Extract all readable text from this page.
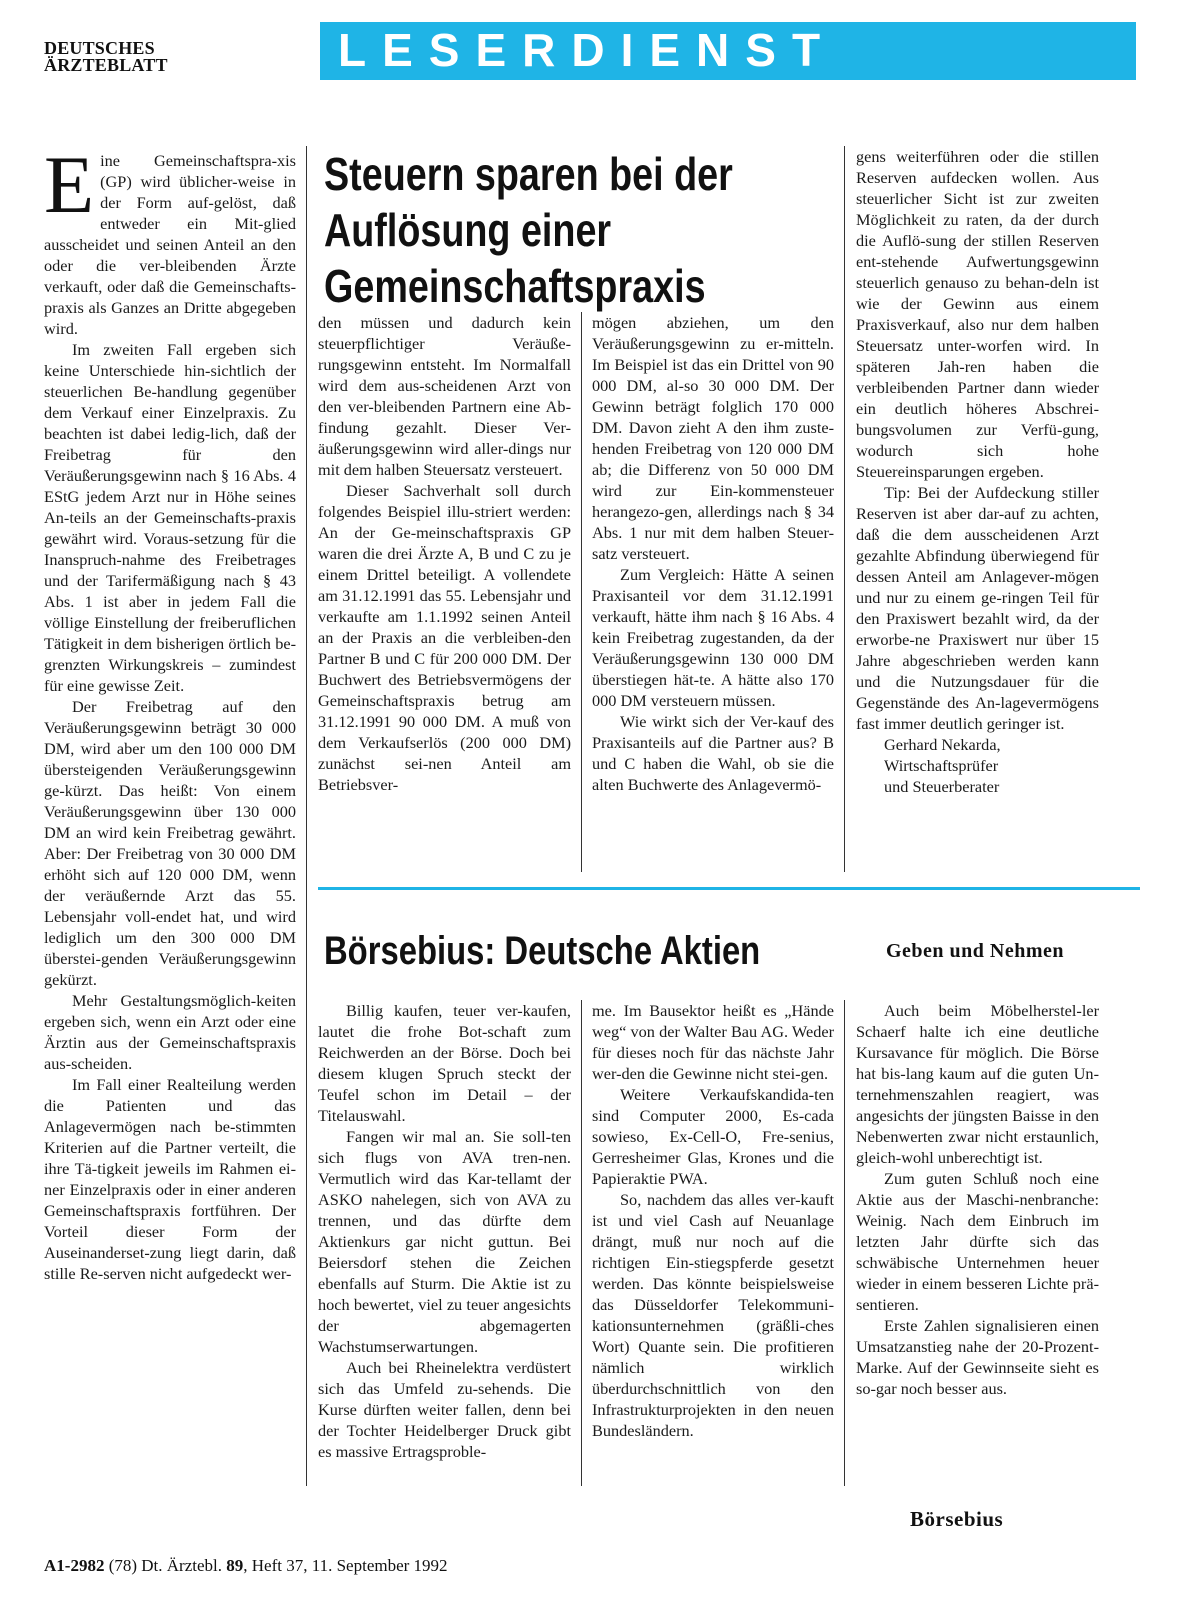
DEUTSCHES
ÄRZTEBLATT	LESERDIENST
Steuern sparen bei der
Auflösung einer
Gemeinschaftspraxis

Eine Gemeinschaftspra-xis (GP) wird üblicher-weise in der Form auf-gelöst, daß entweder ein Mit-glied ausscheidet und seinen Anteil an den oder die ver-bleibenden Ärzte verkauft, oder daß die Gemeinschafts-praxis als Ganzes an Dritte abgegeben wird.

Im zweiten Fall ergeben sich keine Unterschiede hin-sichtlich der steuerlichen Be-handlung gegenüber dem Verkauf einer Einzelpraxis. Zu beachten ist dabei ledig-lich, daß der Freibetrag für den Veräußerungsgewinn nach § 16 Abs. 4 EStG jedem Arzt nur in Höhe seines An-teils an der Gemeinschafts-praxis gewährt wird. Voraus-setzung für die Inanspruch-nahme des Freibetrages und der Tarifermäßigung nach § 43 Abs. 1 ist aber in jedem Fall die völlige Einstellung der freiberuflichen Tätigkeit in dem bisherigen örtlich be-grenzten Wirkungskreis – zumindest für eine gewisse Zeit.

Der Freibetrag auf den Veräußerungsgewinn beträgt 30 000 DM, wird aber um den 100 000 DM übersteigenden Veräußerungsgewinn ge-kürzt. Das heißt: Von einem Veräußerungsgewinn über 130 000 DM an wird kein Freibetrag gewährt. Aber: Der Freibetrag von 30 000 DM erhöht sich auf 120 000 DM, wenn der veräußernde Arzt das 55. Lebensjahr voll-endet hat, und wird lediglich um den 300 000 DM überstei-genden Veräußerungsgewinn gekürzt.

Mehr Gestaltungsmöglich-keiten ergeben sich, wenn ein Arzt oder eine Ärztin aus der Gemeinschaftspraxis aus-scheiden.

Im Fall einer Realteilung werden die Patienten und das Anlagevermögen nach be-stimmten Kriterien auf die Partner verteilt, die ihre Tä-tigkeit jeweils im Rahmen ei-ner Einzelpraxis oder in einer anderen Gemeinschaftspraxis fortführen. Der Vorteil dieser Form der Auseinanderset-zung liegt darin, daß stille Re-serven nicht aufgedeckt wer-

den müssen und dadurch kein steuerpflichtiger Veräuße-rungsgewinn entsteht. Im Normalfall wird dem aus-scheidenen Arzt von den ver-bleibenden Partnern eine Ab-findung gezahlt. Dieser Ver-äußerungsgewinn wird aller-dings nur mit dem halben Steuersatz versteuert.

Dieser Sachverhalt soll durch folgendes Beispiel illu-striert werden: An der Ge-meinschaftspraxis GP waren die drei Ärzte A, B und C zu je einem Drittel beteiligt. A vollendete am 31.12.1991 das 55. Lebensjahr und verkaufte am 1.1.1992 seinen Anteil an der Praxis an die verbleiben-den Partner B und C für 200 000 DM. Der Buchwert des Betriebsvermögens der Gemeinschaftspraxis betrug am 31.12.1991 90 000 DM. A muß von dem Verkaufserlös (200 000 DM) zunächst sei-nen Anteil am Betriebsver-

mögen abziehen, um den Veräußerungsgewinn zu er-mitteln. Im Beispiel ist das ein Drittel von 90 000 DM, al-so 30 000 DM. Der Gewinn beträgt folglich 170 000 DM. Davon zieht A den ihm zuste-henden Freibetrag von 120 000 DM ab; die Differenz von 50 000 DM wird zur Ein-kommensteuer herangezo-gen, allerdings nach § 34 Abs. 1 nur mit dem halben Steuer-satz versteuert.

Zum Vergleich: Hätte A seinen Praxisanteil vor dem 31.12.1991 verkauft, hätte ihm nach § 16 Abs. 4 kein Freibetrag zugestanden, da der Veräußerungsgewinn 130 000 DM überstiegen hät-te. A hätte also 170 000 DM versteuern müssen.

Wie wirkt sich der Ver-kauf des Praxisanteils auf die Partner aus? B und C haben die Wahl, ob sie die alten Buchwerte des Anlagevermö-

gens weiterführen oder die stillen Reserven aufdecken wollen. Aus steuerlicher Sicht ist zur zweiten Möglichkeit zu raten, da der durch die Auflö-sung der stillen Reserven ent-stehende Aufwertungsgewinn steuerlich genauso zu behan-deln ist wie der Gewinn aus einem Praxisverkauf, also nur dem halben Steuersatz unter-worfen wird. In späteren Jah-ren haben die verbleibenden Partner dann wieder ein deutlich höheres Abschrei-bungsvolumen zur Verfü-gung, wodurch sich hohe Steuereinsparungen ergeben.

Tip: Bei der Aufdeckung stiller Reserven ist aber dar-auf zu achten, daß die dem ausscheidenen Arzt gezahlte Abfindung überwiegend für dessen Anteil am Anlagever-mögen und nur zu einem ge-ringen Teil für den Praxiswert bezahlt wird, da der erworbe-ne Praxiswert nur über 15 Jahre abgeschrieben werden kann und die Nutzungsdauer für die Gegenstände des An-lagevermögens fast immer deutlich geringer ist.

Gerhard Nekarda,
Wirtschaftsprüfer
und Steuerberater
Börsebius: Deutsche Aktien	Geben und Nehmen

Billig kaufen, teuer ver-kaufen, lautet die frohe Bot-schaft zum Reichwerden an der Börse. Doch bei diesem klugen Spruch steckt der Teufel schon im Detail – der Titelauswahl.

Fangen wir mal an. Sie soll-ten sich flugs von AVA tren-nen. Vermutlich wird das Kar-tellamt der ASKO nahelegen, sich von AVA zu trennen, und das dürfte dem Aktienkurs gar nicht guttun. Bei Beiersdorf stehen die Zeichen ebenfalls auf Sturm. Die Aktie ist zu hoch bewertet, viel zu teuer angesichts der abgemagerten Wachstumserwartungen.

Auch bei Rheinelektra verdüstert sich das Umfeld zu-sehends. Die Kurse dürften weiter fallen, denn bei der Tochter Heidelberger Druck gibt es massive Ertragsproble-

me. Im Bausektor heißt es „Hände weg“ von der Walter Bau AG. Weder für dieses noch für das nächste Jahr wer-den die Gewinne nicht stei-gen.

Weitere Verkaufskandida-ten sind Computer 2000, Es-cada sowieso, Ex-Cell-O, Fre-senius, Gerresheimer Glas, Krones und die Papieraktie PWA.

So, nachdem das alles ver-kauft ist und viel Cash auf Neuanlage drängt, muß nur noch auf die richtigen Ein-stiegspferde gesetzt werden. Das könnte beispielsweise das Düsseldorfer Telekommuni-kationsunternehmen (gräßli-ches Wort) Quante sein. Die profitieren nämlich wirklich überdurchschnittlich von den Infrastrukturprojekten in den neuen Bundesländern.

Auch beim Möbelherstel-ler Schaerf halte ich eine deutliche Kursavance für möglich. Die Börse hat bis-lang kaum auf die guten Un-ternehmenszahlen reagiert, was angesichts der jüngsten Baisse in den Nebenwerten zwar nicht erstaunlich, gleich-wohl unberechtigt ist.

Zum guten Schluß noch eine Aktie aus der Maschi-nenbranche: Weinig. Nach dem Einbruch im letzten Jahr dürfte sich das schwäbische Unternehmen heuer wieder in einem besseren Lichte prä-sentieren.

Erste Zahlen signalisieren einen Umsatzanstieg nahe der 20-Prozent-Marke. Auf der Gewinnseite sieht es so-gar noch besser aus.

Börsebius
A1-2982 (78) Dt. Ärztebl. 89, Heft 37, 11. September 1992
